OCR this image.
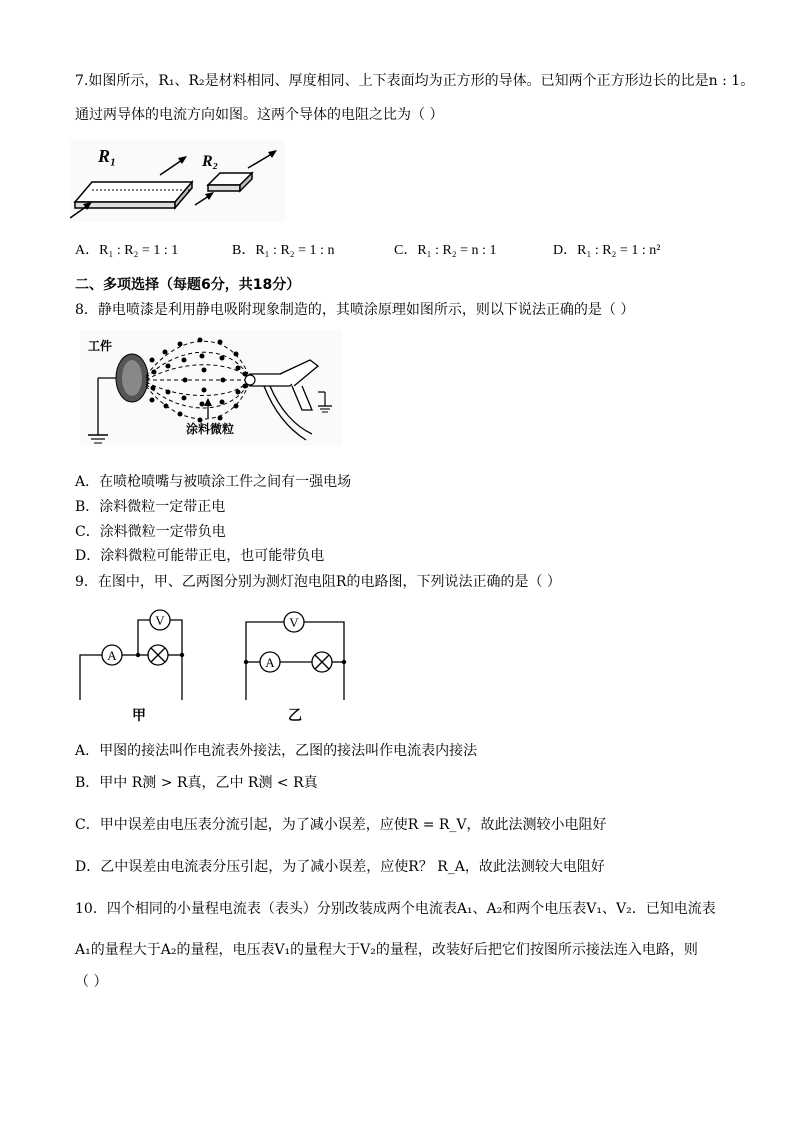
7.如图所示，R₁、R₂是材料相同、厚度相同、上下表面均为正方形的导体。已知两个正方形边长的比是n : 1。
通过两导体的电流方向如图。这两个导体的电阻之比为（ ）
R₁	R₂
A．R₁ : R₂ = 1 : 1	B．R₁ : R₂ = 1 : n	C．R₁ : R₂ = n : 1	D．R₁ : R₂ = 1 : n²
二、多项选择（每题6分，共18分）
8．静电喷漆是利用静电吸附现象制造的，其喷涂原理如图所示，则以下说法正确的是（ ）
工件
涂料微粒
A．在喷枪喷嘴与被喷涂工件之间有一强电场
B．涂料微粒一定带正电
C．涂料微粒一定带负电
D．涂料微粒可能带正电，也可能带负电
9．在图中，甲、乙两图分别为测灯泡电阻R的电路图，下列说法正确的是（ ）
A
V
甲
V
A
乙
A．甲图的接法叫作电流表外接法，乙图的接法叫作电流表内接法
B．甲中 R测 > R真，乙中 R测 < R真
C．甲中误差由电压表分流引起，为了减小误差，应使R = R_V，故此法测较小电阻好
D．乙中误差由电流表分压引起，为了减小误差，应使R？ R_A，故此法测较大电阻好
10．四个相同的小量程电流表（表头）分别改装成两个电流表A₁、A₂和两个电压表V₁、V₂．已知电流表
A₁的量程大于A₂的量程，电压表V₁的量程大于V₂的量程，改装好后把它们按图所示接法连入电路，则
（ ）
